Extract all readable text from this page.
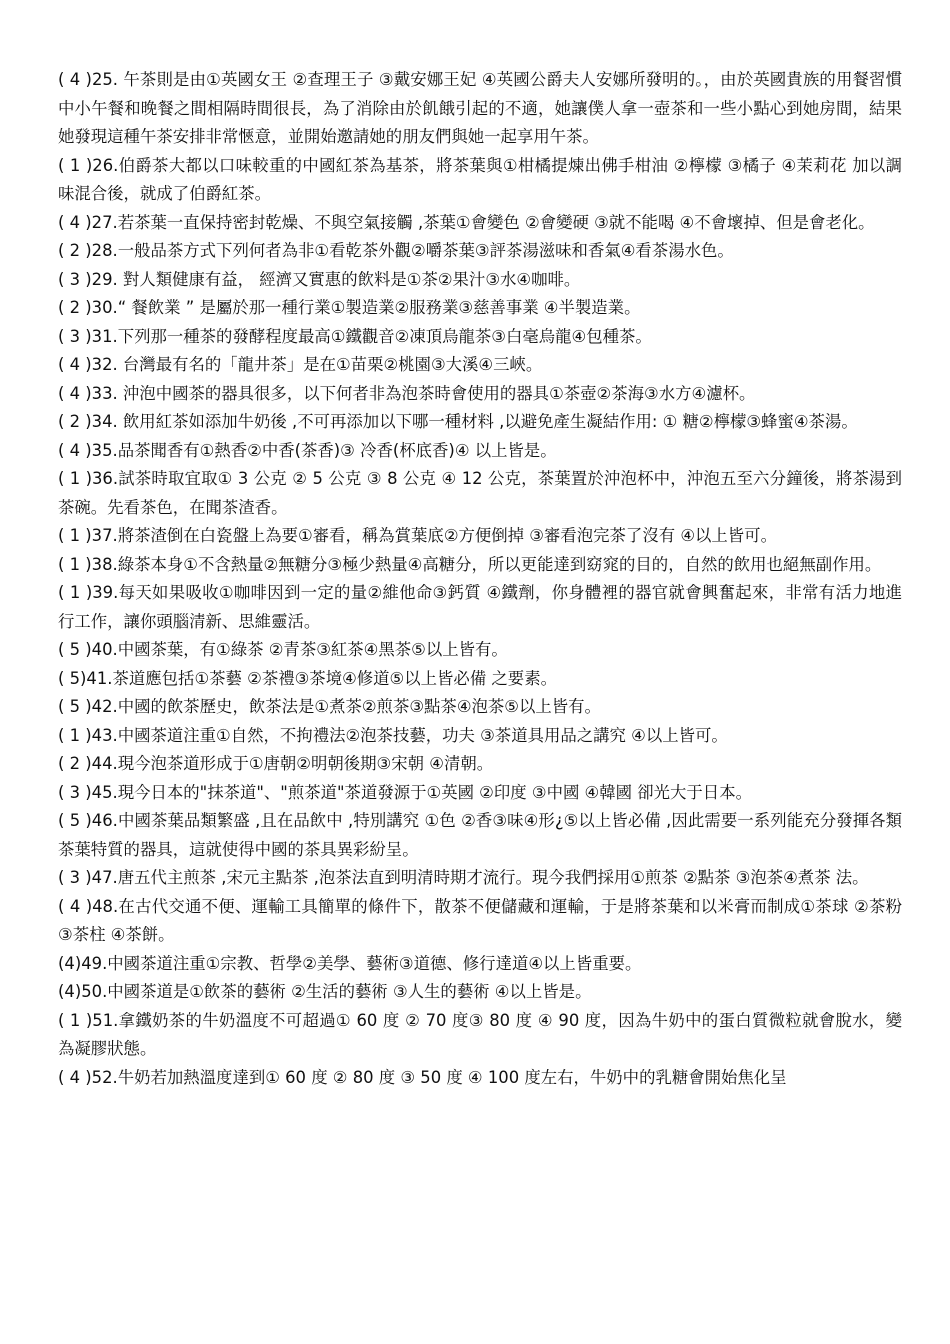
( 4 )25. 午茶則是由①英國女王 ②查理王子 ③戴安娜王妃 ④英國公爵夫人安娜所發明的。，由於英國貴族的用餐習慣中小午餐和晚餐之間相隔時間很長，為了消除由於飢餓引起的不適，她讓僕人拿一壺茶和一些小點心到她房間，結果她發現這種午茶安排非常愜意，並開始邀請她的朋友們與她一起享用午茶。

( 1 )26.伯爵茶大都以口味較重的中國紅茶為基茶，將茶葉與①柑橘提煉出佛手柑油 ②檸檬 ③橘子 ④茉莉花 加以調味混合後，就成了伯爵紅茶。

( 4 )27.若茶葉一直保持密封乾燥、不與空氣接觸 ,茶葉①會變色 ②會變硬 ③就不能喝 ④不會壞掉、但是會老化。

( 2 )28.一般品茶方式下列何者為非①看乾茶外觀②嚼茶葉③評茶湯滋味和香氣④看茶湯水色。

( 3 )29. 對人類健康有益， 經濟又實惠的飲料是①茶②果汁③水④咖啡。

( 2 )30.“ 餐飲業 ” 是屬於那一種行業①製造業②服務業③慈善事業 ④半製造業。

( 3 )31.下列那一種茶的發酵程度最高①鐵觀音②凍頂烏龍茶③白毫烏龍④包種茶。

( 4 )32. 台灣最有名的「龍井茶」是在①苗栗②桃園③大溪④三峽。

( 4 )33. 沖泡中國茶的器具很多，以下何者非為泡茶時會使用的器具①茶壺②茶海③水方④濾杯。

( 2 )34. 飲用紅茶如添加牛奶後 ,不可再添加以下哪一種材料 ,以避免產生凝結作用: ① 糖②檸檬③蜂蜜④茶湯。

( 4 )35.品茶聞香有①熱香②中香(茶香)③ 冷香(杯底香)④ 以上皆是。

( 1 )36.試茶時取宜取① 3 公克 ② 5 公克 ③ 8 公克 ④ 12 公克，茶葉置於沖泡杯中，沖泡五至六分鐘後，將茶湯到茶碗。先看茶色，在聞茶渣香。

( 1 )37.將茶渣倒在白瓷盤上為要①審看，稱為賞葉底②方便倒掉 ③審看泡完茶了沒有 ④以上皆可。

( 1 )38.綠茶本身①不含熱量②無糖分③極少熱量④高糖分，所以更能達到窈窕的目的，自然的飲用也絕無副作用。

( 1 )39.每天如果吸收①咖啡因到一定的量②維他命③鈣質 ④鐵劑，你身體裡的器官就會興奮起來，非常有活力地進行工作，讓你頭腦清新、思維靈活。

( 5 )40.中國茶葉，有①綠茶 ②青茶③紅茶④黑茶⑤以上皆有。

( 5)41.茶道應包括①茶藝 ②茶禮③茶境④修道⑤以上皆必備 之要素。

( 5 )42.中國的飲茶歷史，飲茶法是①煮茶②煎茶③點茶④泡茶⑤以上皆有。

( 1 )43.中國茶道注重①自然，不拘禮法②泡茶技藝，功夫 ③茶道具用品之講究 ④以上皆可。

( 2 )44.現今泡茶道形成于①唐朝②明朝後期③宋朝 ④清朝。

( 3 )45.現今日本的"抹茶道"、"煎茶道"茶道發源于①英國 ②印度 ③中國 ④韓國 卻光大于日本。

( 5 )46.中國茶葉品類繁盛 ,且在品飲中 ,特別講究 ①色 ②香③味④形¿⑤以上皆必備 ,因此需要一系列能充分發揮各類茶葉特質的器具，這就使得中國的茶具異彩紛呈。

( 3 )47.唐五代主煎茶 ,宋元主點茶 ,泡茶法直到明清時期才流行。現今我們採用①煎茶 ②點茶 ③泡茶④煮茶 法。

( 4 )48.在古代交通不便、運輸工具簡單的條件下，散茶不便儲藏和運輸，于是將茶葉和以米膏而制成①茶球 ②茶粉 ③茶柱 ④茶餅。

(4)49.中國茶道注重①宗教、哲學②美學、藝術③道德、修行達道④以上皆重要。

(4)50.中國茶道是①飲茶的藝術 ②生活的藝術 ③人生的藝術 ④以上皆是。

( 1 )51.拿鐵奶茶的牛奶溫度不可超過① 60 度 ② 70 度③ 80 度 ④ 90 度，因為牛奶中的蛋白質微粒就會脫水，變為凝膠狀態。

( 4 )52.牛奶若加熱溫度達到① 60 度 ② 80 度 ③ 50 度 ④ 100 度左右，牛奶中的乳糖會開始焦化呈
